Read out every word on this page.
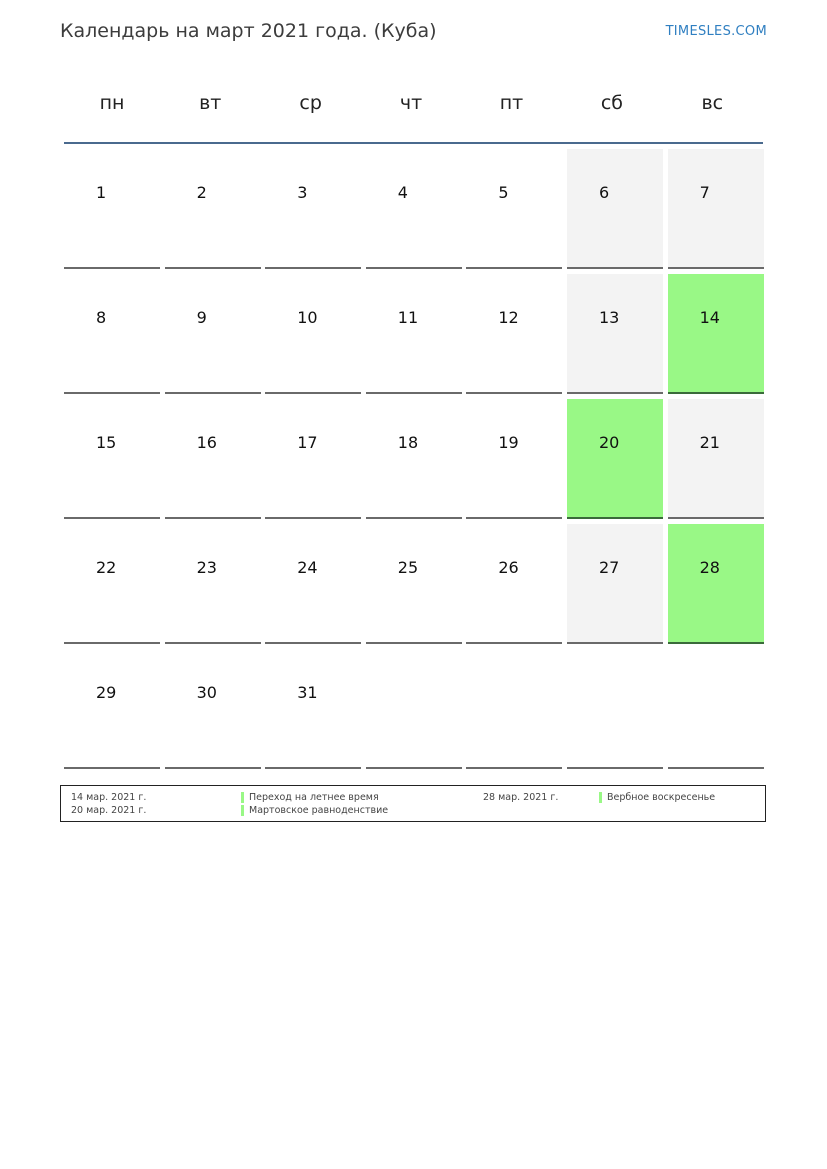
Календарь на март 2021 года. (Куба)	TIMESLES.COM
пн	вт	ср	чт	пт	сб	вс
1	2	3	4	5	6	7
8	9	10	11	12	13	14
15	16	17	18	19	20	21
22	23	24	25	26	27	28
29	30	31
14 мар. 2021 г.	Переход на летнее время
20 мар. 2021 г.	Мартовское равноденствие
28 мар. 2021 г.	Вербное воскресенье
